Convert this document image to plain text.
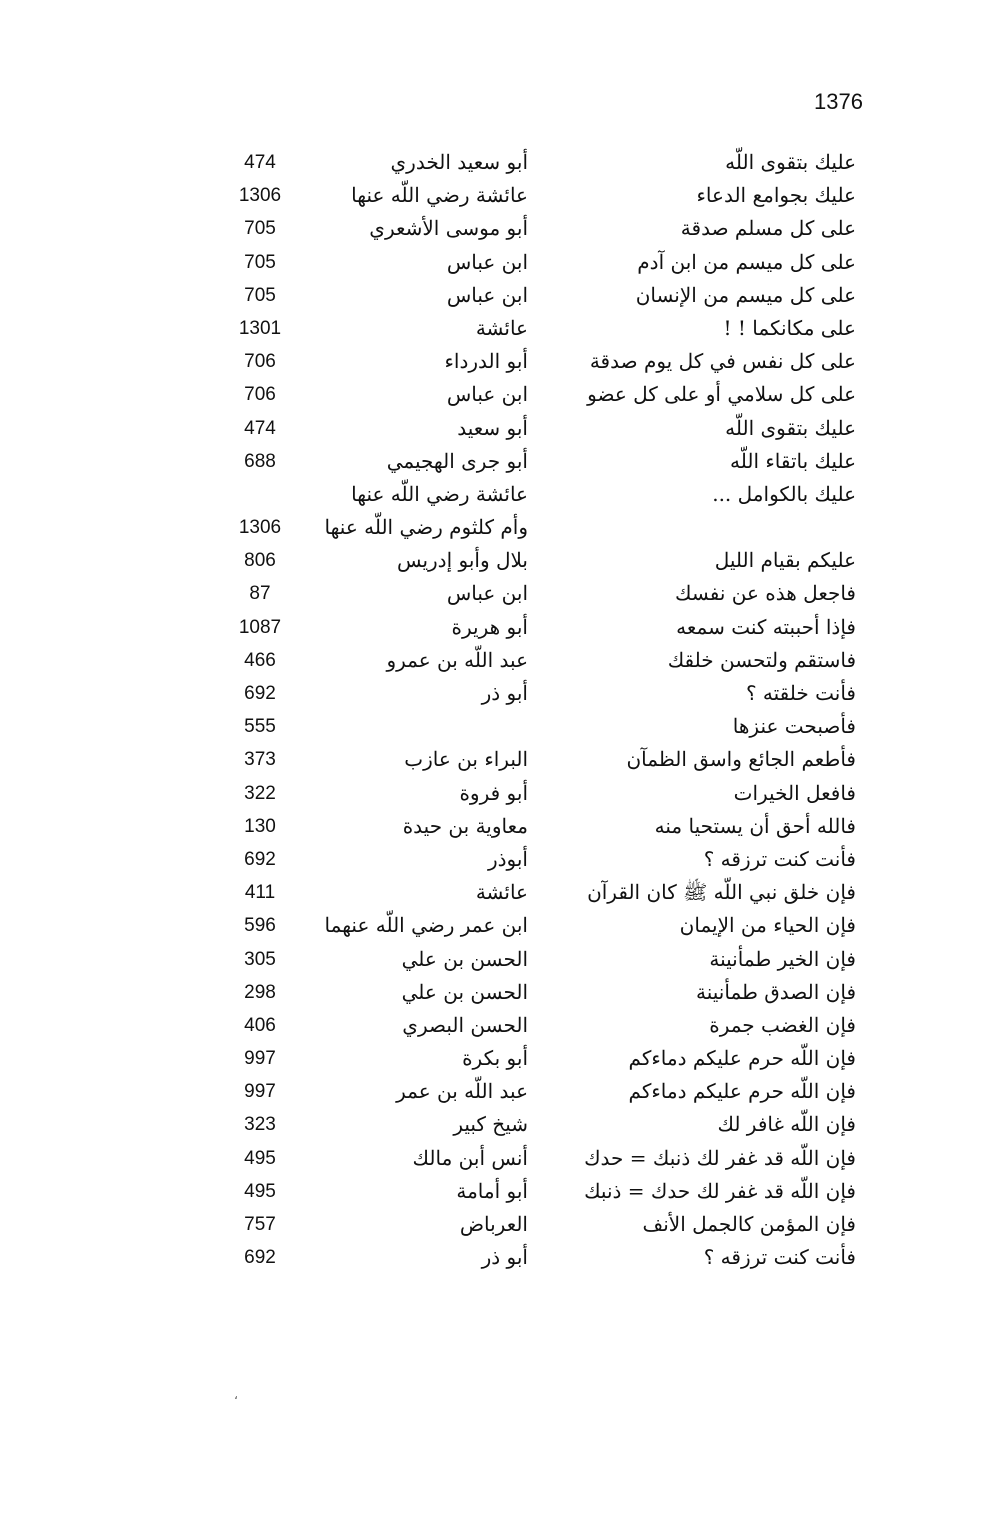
1376
عليك بتقوى اللّه
أبو سعيد الخدري
474
عليك بجوامع الدعاء
عائشة رضي اللّه عنها
1306
على كل مسلم صدقة
أبو موسى الأشعري
705
على كل ميسم من ابن آدم
ابن عباس
705
على كل ميسم من الإنسان
ابن عباس
705
على مكانكما ! !
عائشة
1301
على كل نفس في كل يوم صدقة
أبو الدرداء
706
على كل سلامي أو على كل عضو
ابن عباس
706
عليك بتقوى اللّه
أبو سعيد
474
عليك باتقاء اللّه
أبو جرى الهجيمي
688
عليك بالكوامل ...
عائشة رضي اللّه عنها
وأم كلثوم رضي اللّه عنها
1306
عليكم بقيام الليل
بلال وأبو إدريس
806
فاجعل هذه عن نفسك
ابن عباس
87
فإذا أحببته كنت سمعه
أبو هريرة
1087
فاستقم ولتحسن خلقك
عبد اللّه بن عمرو
466
فأنت خلقته ؟
أبو ذر
692
فأصبحت عنزها
555
فأطعم الجائع واسق الظمآن
البراء بن عازب
373
فافعل الخيرات
أبو فروة
322
فالله أحق أن يستحيا منه
معاوية بن حيدة
130
فأنت كنت ترزقه ؟
أبوذر
692
فإن خلق نبي اللّه ﷺ كان القرآن
عائشة
411
فإن الحياء من الإيمان
ابن عمر رضي اللّه عنهما
596
فإن الخير طمأنينة
الحسن بن علي
305
فإن الصدق طمأنينة
الحسن بن علي
298
فإن الغضب جمرة
الحسن البصري
406
فإن اللّه حرم عليكم دماءكم
أبو بكرة
997
فإن اللّه حرم عليكم دماءكم
عبد اللّه بن عمر
997
فإن اللّه غافر لك
شيخ كبير
323
فإن اللّه قد غفر لك ذنبك = حدك
أنس أبن مالك
495
فإن اللّه قد غفر لك حدك = ذنبك
أبو أمامة
495
فإن المؤمن كالجمل الأنف
العرباض
757
فأنت كنت ترزقه ؟
أبو ذر
692
،
